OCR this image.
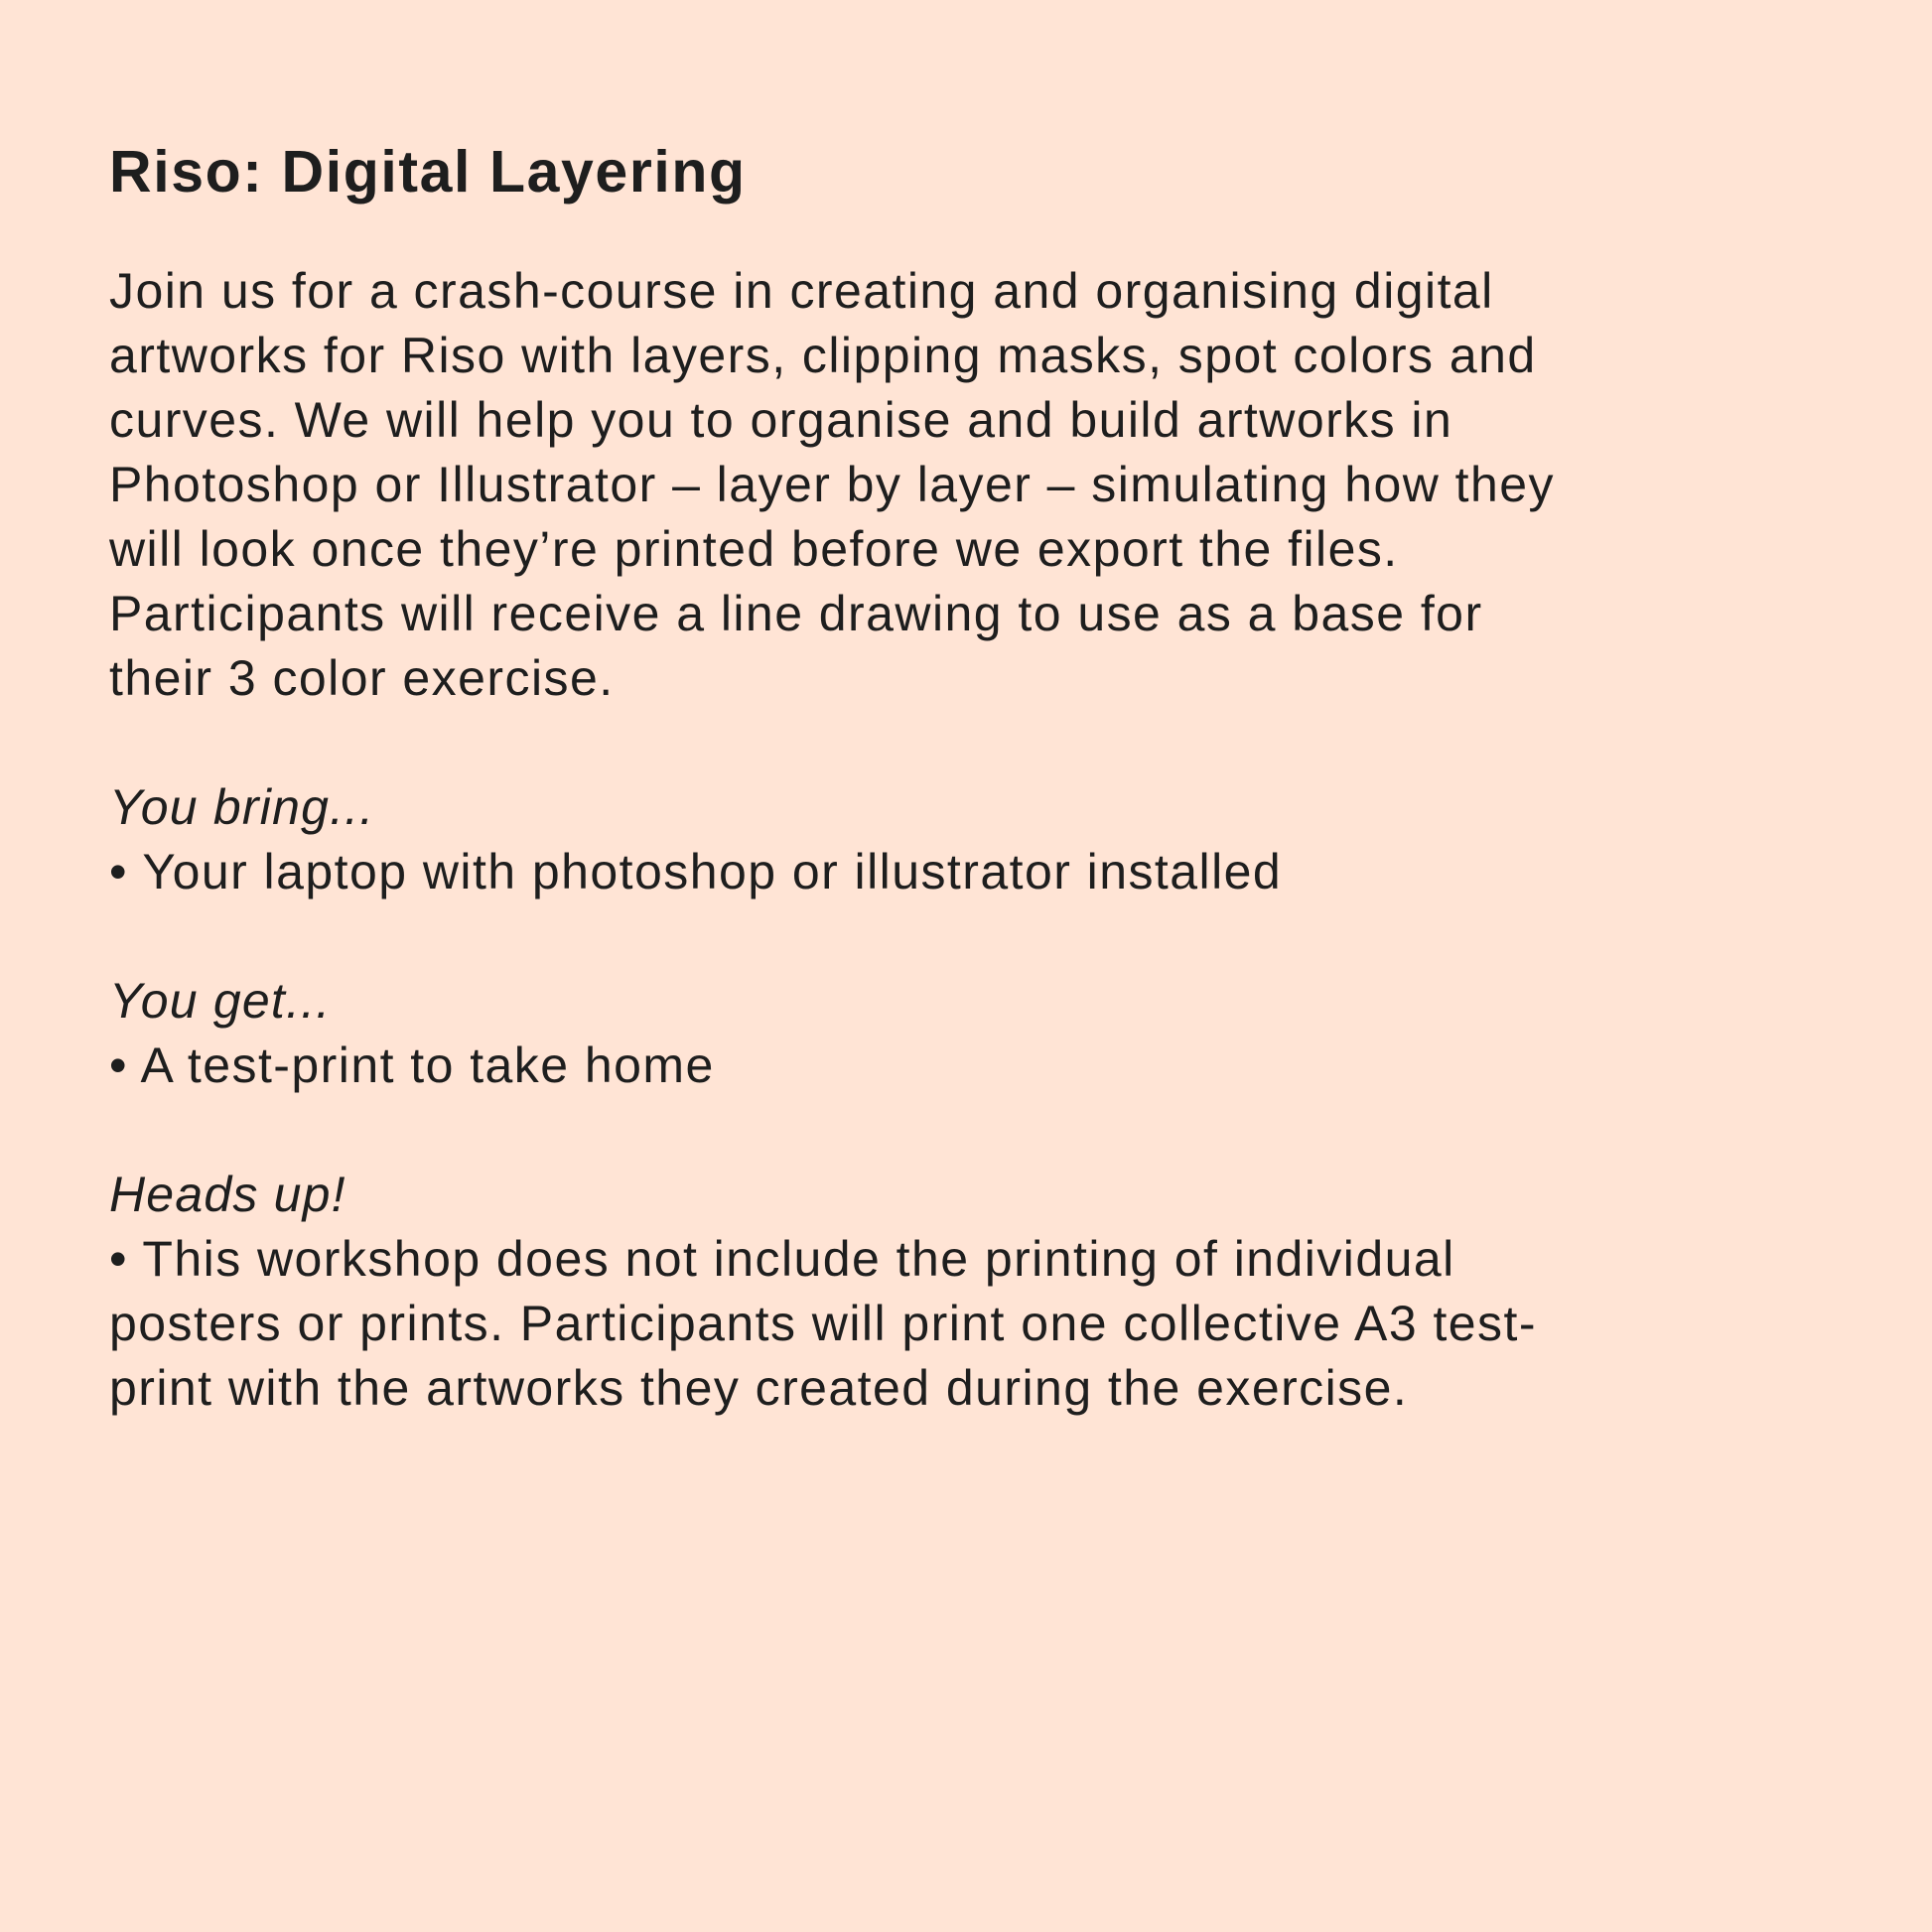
Riso: Digital Layering

Join us for a crash-course in creating and organising digital
artworks for Riso with layers, clipping masks, spot colors and
curves. We will help you to organise and build artworks in
Photoshop or Illustrator – layer by layer – simulating how they
will look once they’re printed before we export the files.
Participants will receive a line drawing to use as a base for
their 3 color exercise.

You bring...
• Your laptop with photoshop or illustrator installed
You get...
• A test-print to take home
Heads up!
• This workshop does not include the printing of individual
posters or prints. Participants will print one collective A3 test-
print with the artworks they created during the exercise.
